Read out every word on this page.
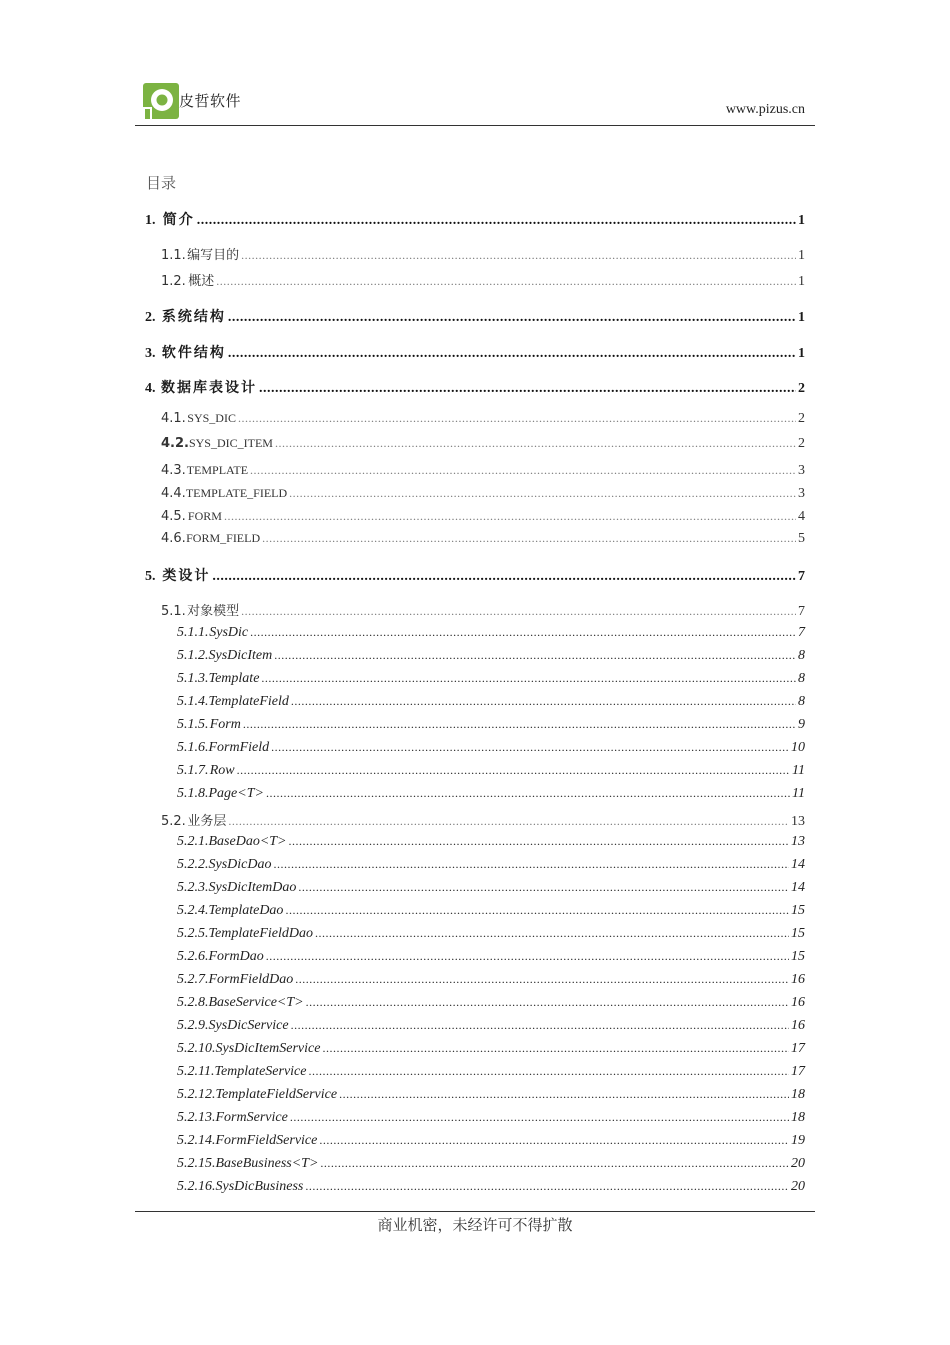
皮哲软件	www.pizus.cn
目录
1. 简介 .....	1
1.1. 编写目的 .....	1
1.2. 概述 .....	1
2. 系统结构 .....	1
3. 软件结构 .....	1
4. 数据库表设计 .....	2
4.1. SYS_DIC .....	2
4.2. SYS_DIC_ITEM .....	2
4.3. TEMPLATE .....	3
4.4. TEMPLATE_FIELD .....	3
4.5. FORM .....	4
4.6. FORM_FIELD .....	5
5. 类设计 .....	7
5.1. 对象模型 .....	7
5.1.1. SysDic .....	7
5.1.2. SysDicItem .....	8
5.1.3. Template .....	8
5.1.4. TemplateField .....	8
5.1.5. Form .....	9
5.1.6. FormField .....	10
5.1.7. Row .....	11
5.1.8. Page<T> .....	11
5.2. 业务层 .....	13
5.2.1. BaseDao<T> .....	13
5.2.2. SysDicDao .....	14
5.2.3. SysDicItemDao .....	14
5.2.4. TemplateDao .....	15
5.2.5. TemplateFieldDao .....	15
5.2.6. FormDao .....	15
5.2.7. FormFieldDao .....	16
5.2.8. BaseService<T> .....	16
5.2.9. SysDicService .....	16
5.2.10. SysDicItemService .....	17
5.2.11. TemplateService .....	17
5.2.12. TemplateFieldService .....	18
5.2.13. FormService .....	18
5.2.14. FormFieldService .....	19
5.2.15. BaseBusiness<T> .....	20
5.2.16. SysDicBusiness .....	20
商业机密，未经许可不得扩散
